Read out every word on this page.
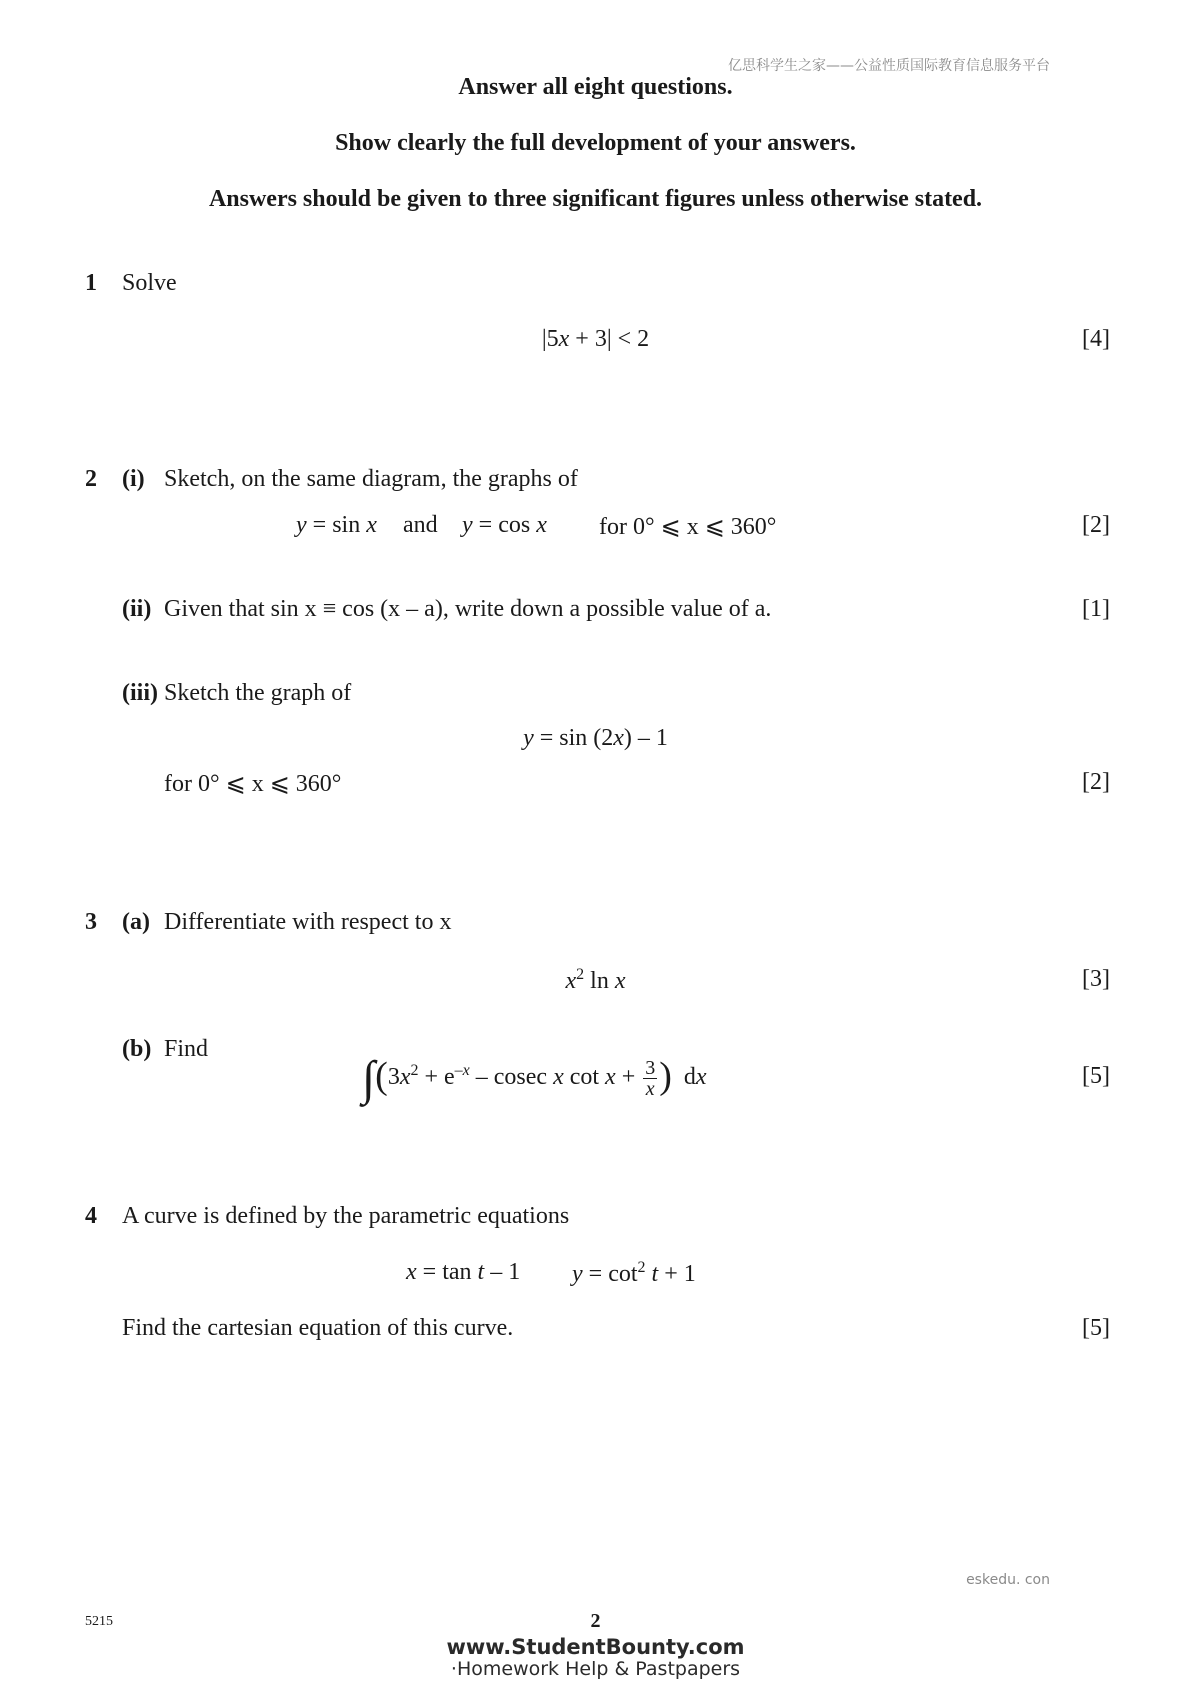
亿思科学生之家——公益性质国际教育信息服务平台
Answer all eight questions.
Show clearly the full development of your answers.
Answers should be given to three significant figures unless otherwise stated.
1 Solve
|5x + 3| < 2	[4]
2 (i) Sketch, on the same diagram, the graphs of
y = sin x and y = cos x for 0° ⩽ x ⩽ 360°	[2]
(ii) Given that sin x ≡ cos (x – a), write down a possible value of a.	[1]
(iii) Sketch the graph of
y = sin (2x) – 1
for 0° ⩽ x ⩽ 360°	[2]
3 (a) Differentiate with respect to x
$x^2$ ln x	[3]
(b) Find
$\int(3x^2 + e^{-x} - cosec$ x $\cot x + \frac{3}{x}$ )  dx	[5]
4 A curve is defined by the parametric equations
x = tan t – 1 $y = \cot^2 t + 1$
Find the cartesian equation of this curve.	[5]
eskedu. con
5215	2
www.StudentBounty.com
·Homework Help & Pastpapers
